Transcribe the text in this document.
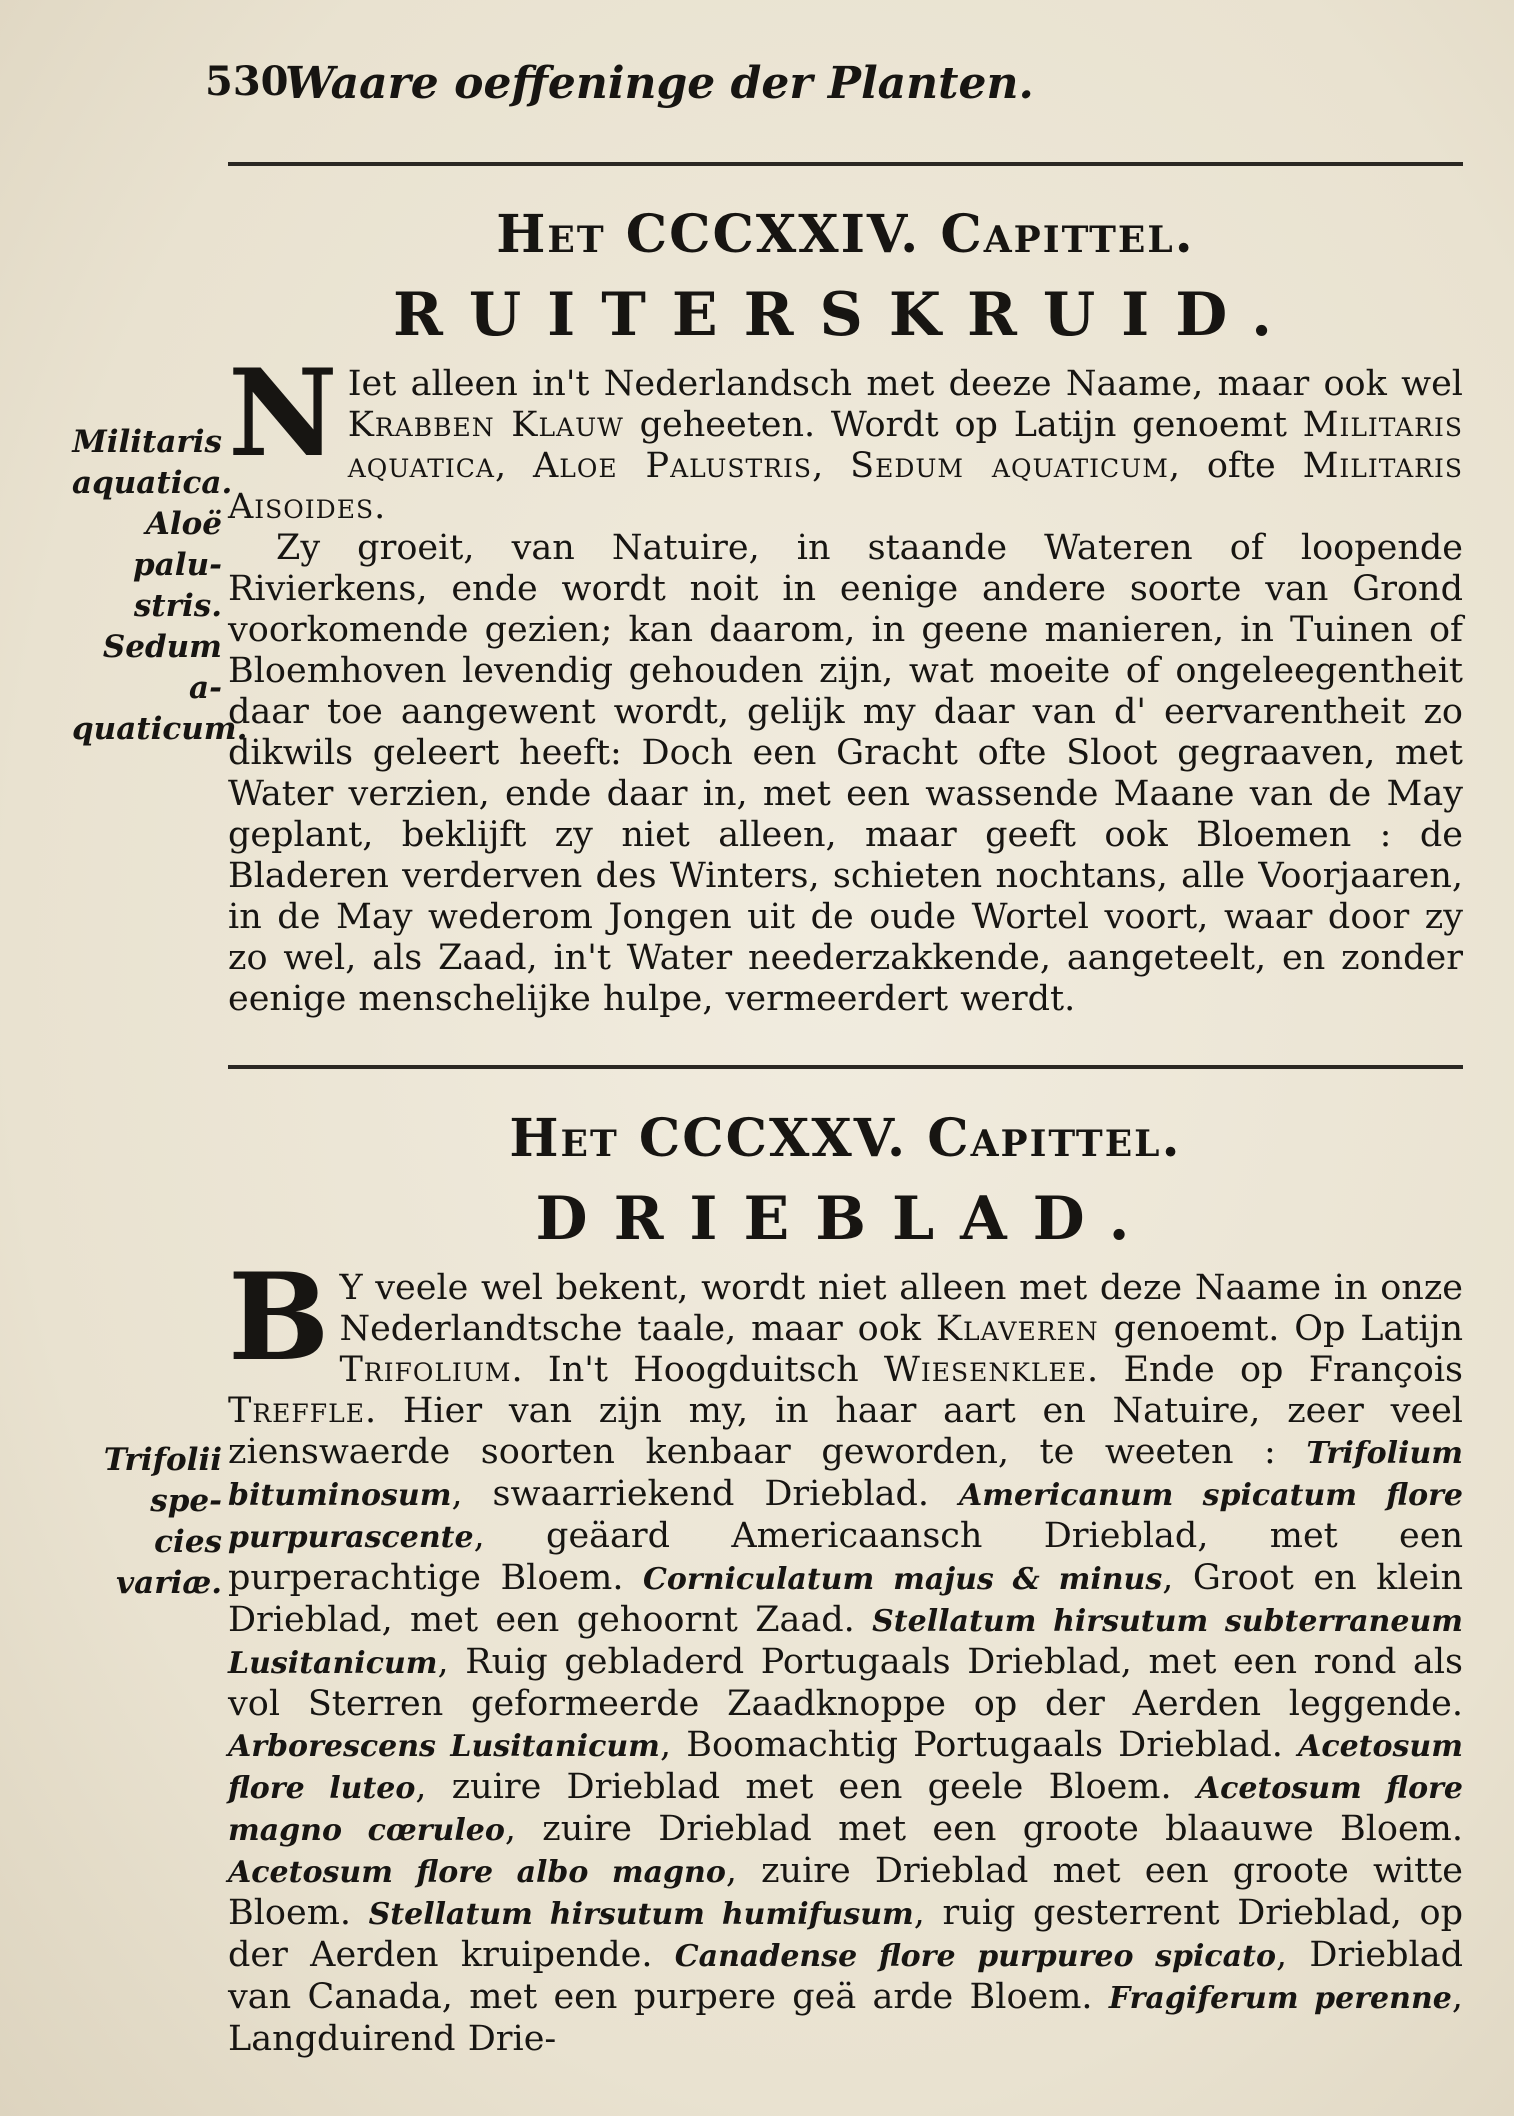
530
Waare oeffeninge der Planten.
Het CCCXXIV. Capittel.
RUITERSKRUID.
Militaris
aquatica.
Aloë palu-
stris.
Sedum a-
quaticum.

N Iet alleen in't Nederlandsch met deeze Naame, maar ook wel Krabben Klauw geheeten. Wordt op Latijn genoemt Militaris aquatica, Aloe Palustris, Sedum aquaticum, ofte Militaris Aisoides.

Zy groeit, van Natuire, in staande Wateren of loopende Rivierkens, ende wordt noit in eenige andere soorte van Grond voorkomende gezien; kan daarom, in geene manieren, in Tuinen of Bloemhoven levendig gehouden zijn, wat moeite of ongeleegentheit daar toe aangewent wordt, gelijk my daar van d' eervarentheit zo dikwils geleert heeft: Doch een Gracht ofte Sloot gegraaven, met Water verzien, ende daar in, met een wassende Maane van de May geplant, beklijft zy niet alleen, maar geeft ook Bloemen : de Bladeren verderven des Winters, schieten nochtans, alle Voorjaaren, in de May wederom Jongen uit de oude Wortel voort, waar door zy zo wel, als Zaad, in't Water neederzakkende, aangeteelt, en zonder eenige menschelijke hulpe, vermeerdert werdt.

Het CCCXXV. Capittel.
DRIEBLAD.
Trifolii spe-
cies variæ.

B Y veele wel bekent, wordt niet alleen met deze Naame in onze Nederlandtsche taale, maar ook Klaveren genoemt. Op Latijn Trifolium. In't Hoogduitsch Wiesenklee. Ende op François Treffle. Hier van zijn my, in haar aart en Natuire, zeer veel zienswaerde soorten kenbaar geworden, te weeten : Trifolium bituminosum, swaarriekend Drieblad. Americanum spicatum flore purpurascente, geäard Americaansch Drieblad, met een purperachtige Bloem. Corniculatum majus & minus, Groot en klein Drieblad, met een gehoornt Zaad. Stellatum hirsutum subterraneum Lusitanicum, Ruig gebladerd Portugaals Drieblad, met een rond als vol Sterren geformeerde Zaadknoppe op der Aerden leggende. Arborescens Lusitanicum, Boomachtig Portugaals Drieblad. Acetosum flore luteo, zuire Drieblad met een geele Bloem. Acetosum flore magno cœruleo, zuire Drieblad met een groote blaauwe Bloem. Acetosum flore albo magno, zuire Drieblad met een groote witte Bloem. Stellatum hirsutum humifusum, ruig gesterrent Drieblad, op der Aerden kruipende. Canadense flore purpureo spicato, Drieblad van Canada, met een purpere geä arde Bloem. Fragiferum perenne, Langduirend Drie-
